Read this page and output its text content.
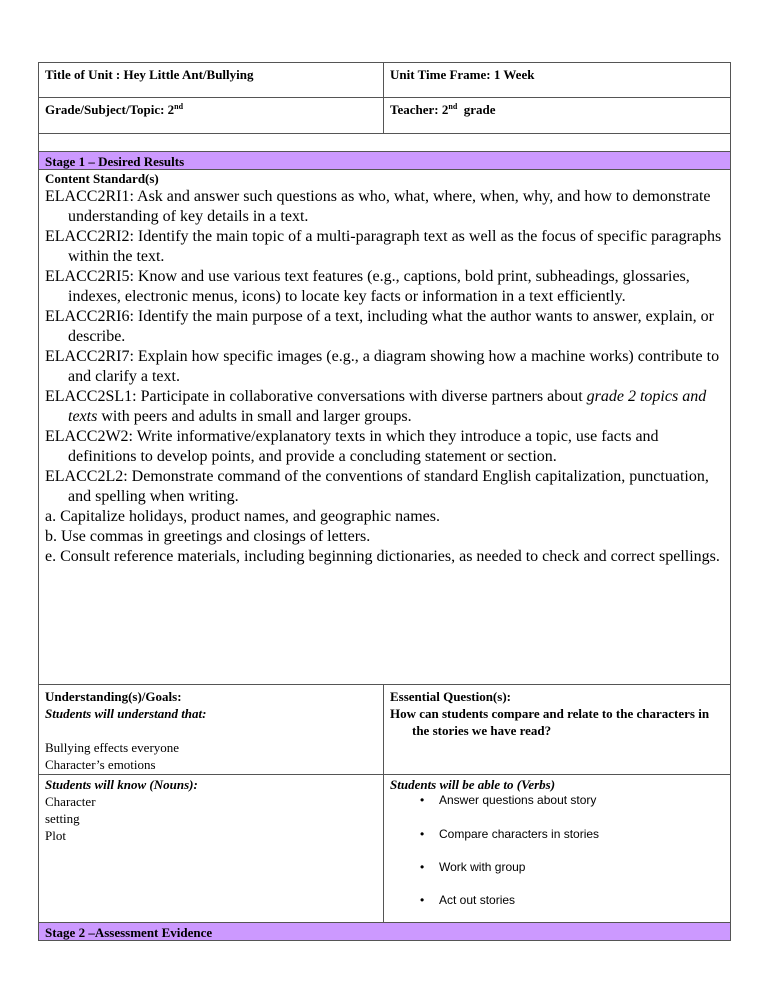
Title of Unit : Hey Little Ant/Bullying	Unit Time Frame: 1 Week
Grade/Subject/Topic: 2nd	Teacher: 2nd grade
Stage 1 – Desired Results
Content Standard(s)

ELACC2RI1: Ask and answer such questions as who, what, where, when, why, and how to demonstrate understanding of key details in a text.

ELACC2RI2: Identify the main topic of a multi-paragraph text as well as the focus of specific paragraphs within the text.

ELACC2RI5: Know and use various text features (e.g., captions, bold print, subheadings, glossaries, indexes, electronic menus, icons) to locate key facts or information in a text efficiently.

ELACC2RI6: Identify the main purpose of a text, including what the author wants to answer, explain, or describe.

ELACC2RI7: Explain how specific images (e.g., a diagram showing how a machine works) contribute to and clarify a text.

ELACC2SL1: Participate in collaborative conversations with diverse partners about grade 2 topics and texts with peers and adults in small and larger groups.

ELACC2W2: Write informative/explanatory texts in which they introduce a topic, use facts and definitions to develop points, and provide a concluding statement or section.

ELACC2L2: Demonstrate command of the conventions of standard English capitalization, punctuation, and spelling when writing.

a. Capitalize holidays, product names, and geographic names.

b. Use commas in greetings and closings of letters.

e. Consult reference materials, including beginning dictionaries, as needed to check and correct spellings.

Understanding(s)/Goals:
Students will understand that:
Bullying effects everyone
Character’s emotions
Essential Question(s):
How can students compare and relate to the characters in the stories we have read?
Students will know (Nouns):
Character
setting
Plot
Students will be able to (Verbs)
• Answer questions about story
• Compare characters in stories
• Work with group
• Act out stories
Stage 2 –Assessment Evidence
